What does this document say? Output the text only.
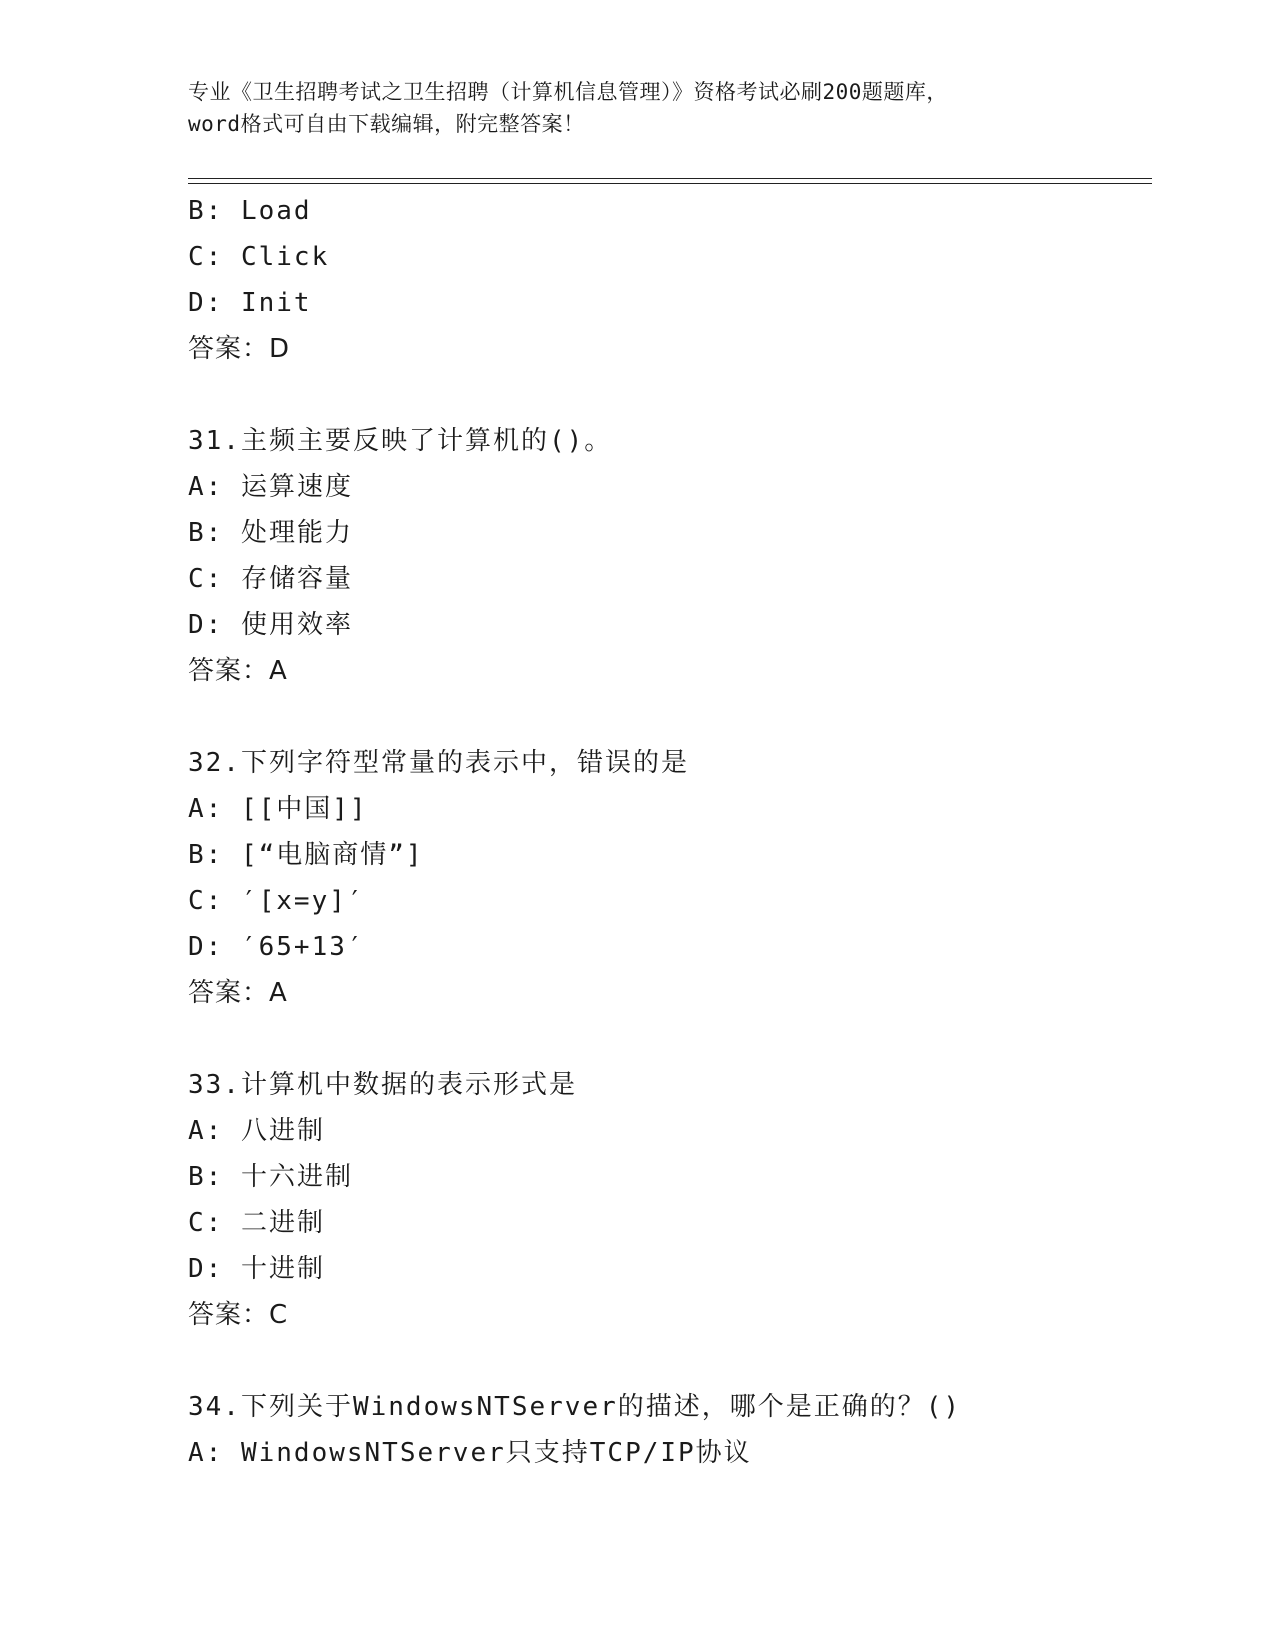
专业《卫生招聘考试之卫生招聘（计算机信息管理）》资格考试必刷200题题库，
word格式可自由下载编辑，附完整答案！
B: Load
C: Click
D: Init
答案：D
31.主频主要反映了计算机的()。
A: 运算速度
B: 处理能力
C: 存储容量
D: 使用效率
答案：A
32.下列字符型常量的表示中，错误的是
A: [[中国]]
B: [“电脑商情”]
C: ′[x=y]′
D: ′65+13′
答案：A
33.计算机中数据的表示形式是
A: 八进制
B: 十六进制
C: 二进制
D: 十进制
答案：C
34.下列关于WindowsNTServer的描述，哪个是正确的？()
A: WindowsNTServer只支持TCP/IP协议
